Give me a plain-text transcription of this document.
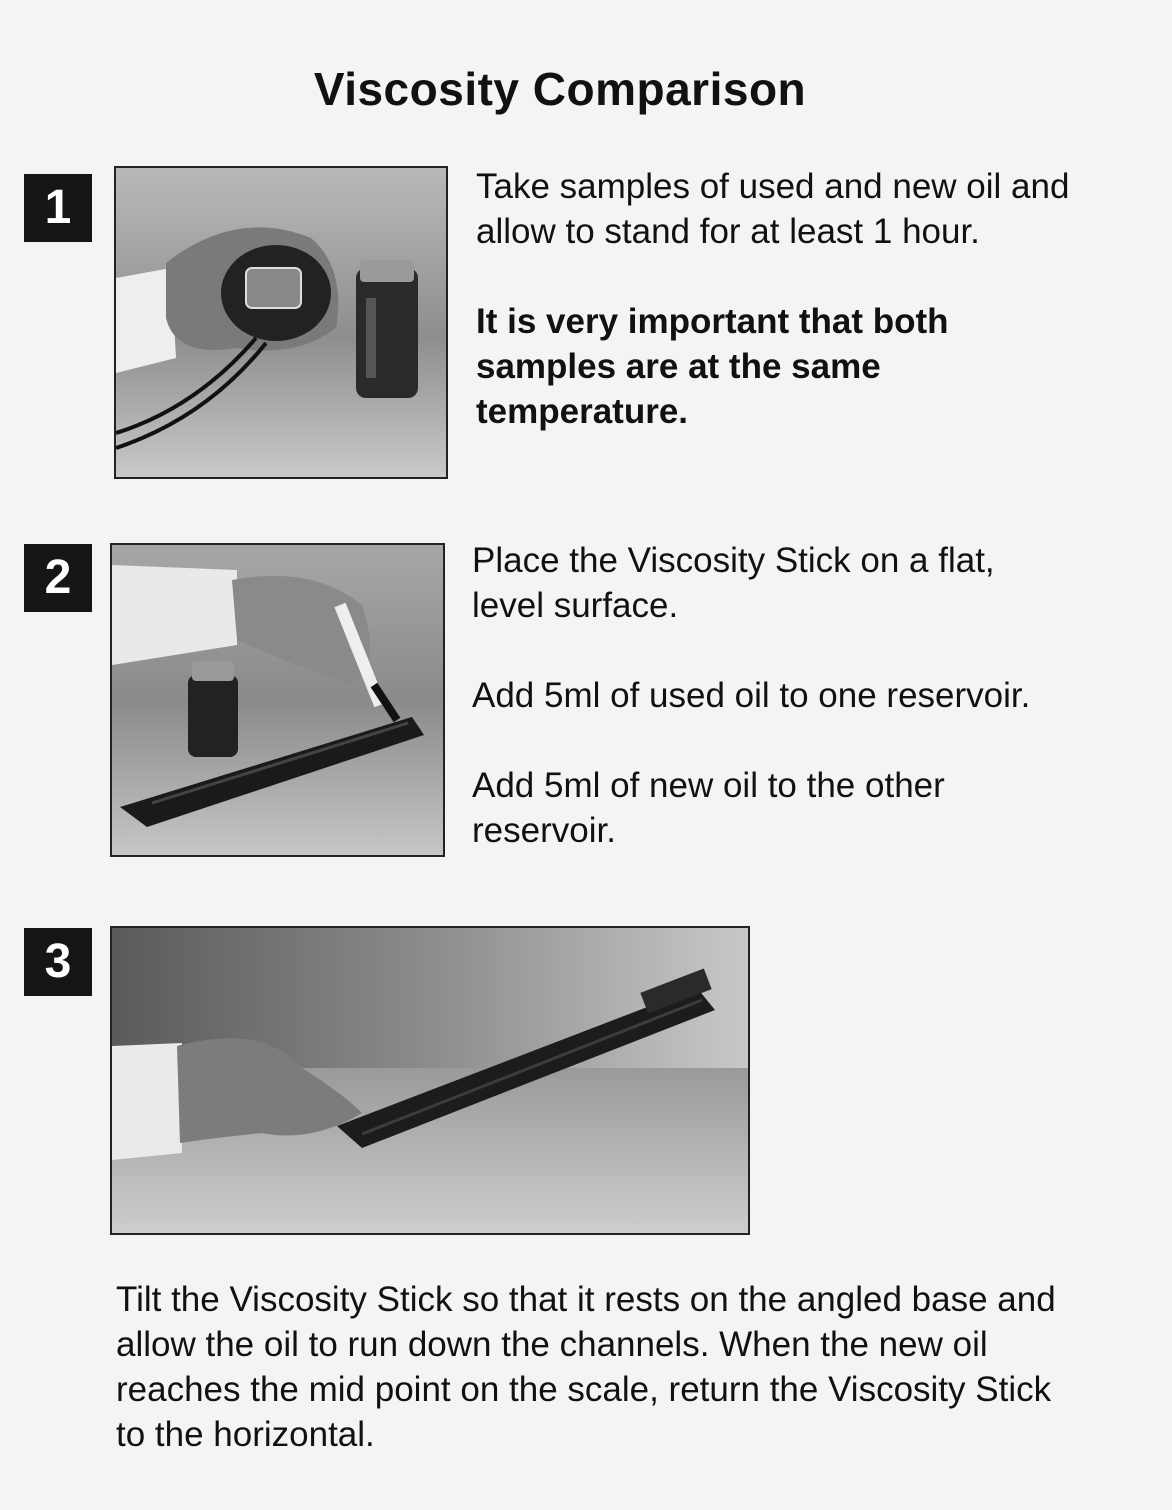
Viscosity Comparison
1	Take samples of used and new oil and allow to stand for at least 1 hour.

It is very important that both samples are at the same temperature.

2	Place the Viscosity Stick on a flat, level surface.

Add 5ml of used oil to one reservoir.

Add 5ml of new oil to the other reservoir.

3

Tilt the Viscosity Stick so that it rests on the angled base and allow the oil to run down the channels. When the new oil reaches the mid point on the scale, return the Viscosity Stick to the horizontal.
